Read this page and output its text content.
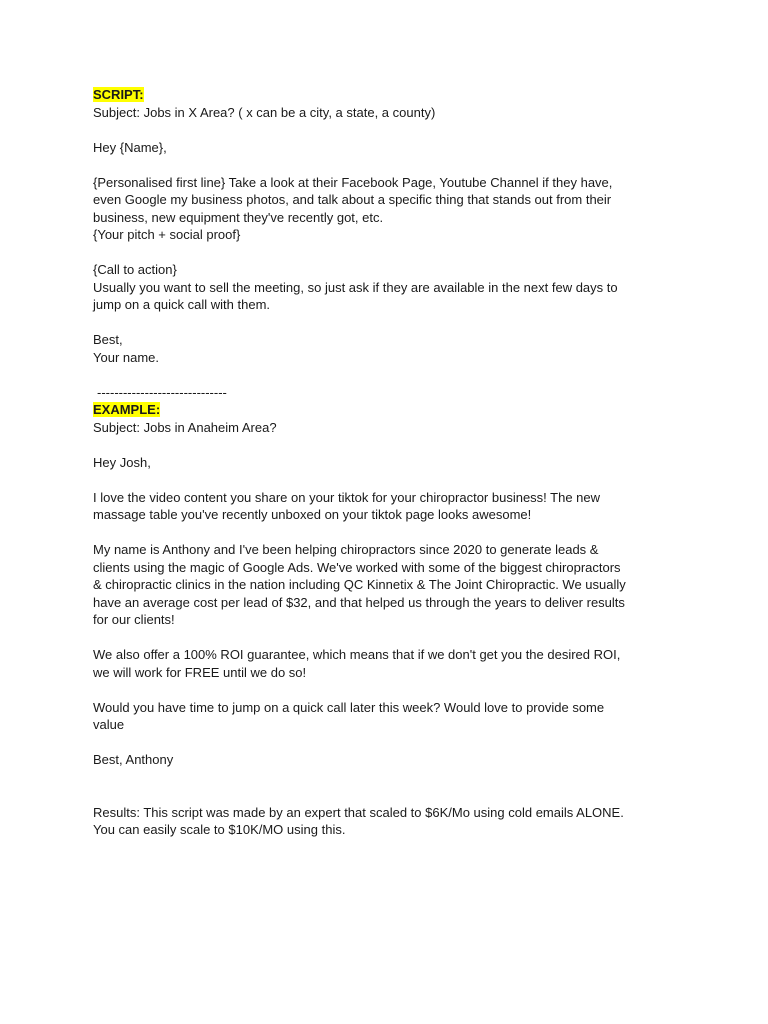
SCRIPT:
Subject: Jobs in X Area? ( x can be a city, a state, a county)
Hey {Name},
{Personalised first line} Take a look at their Facebook Page, Youtube Channel if they have,
even Google my business photos, and talk about a specific thing that stands out from their
business, new equipment they've recently got, etc.
{Your pitch + social proof}
{Call to action}
Usually you want to sell the meeting, so just ask if they are available in the next few days to
jump on a quick call with them.
Best,
Your name.
------------------------------
EXAMPLE:
Subject: Jobs in Anaheim Area?
Hey Josh,
I love the video content you share on your tiktok for your chiropractor business! The new
massage table you've recently unboxed on your tiktok page looks awesome!
My name is Anthony and I've been helping chiropractors since 2020 to generate leads &
clients using the magic of Google Ads. We've worked with some of the biggest chiropractors
& chiropractic clinics in the nation including QC Kinnetix & The Joint Chiropractic. We usually
have an average cost per lead of $32, and that helped us through the years to deliver results
for our clients!
We also offer a 100% ROI guarantee, which means that if we don't get you the desired ROI,
we will work for FREE until we do so!
Would you have time to jump on a quick call later this week? Would love to provide some
value
Best, Anthony
Results: This script was made by an expert that scaled to $6K/Mo using cold emails ALONE.
You can easily scale to $10K/MO using this.
